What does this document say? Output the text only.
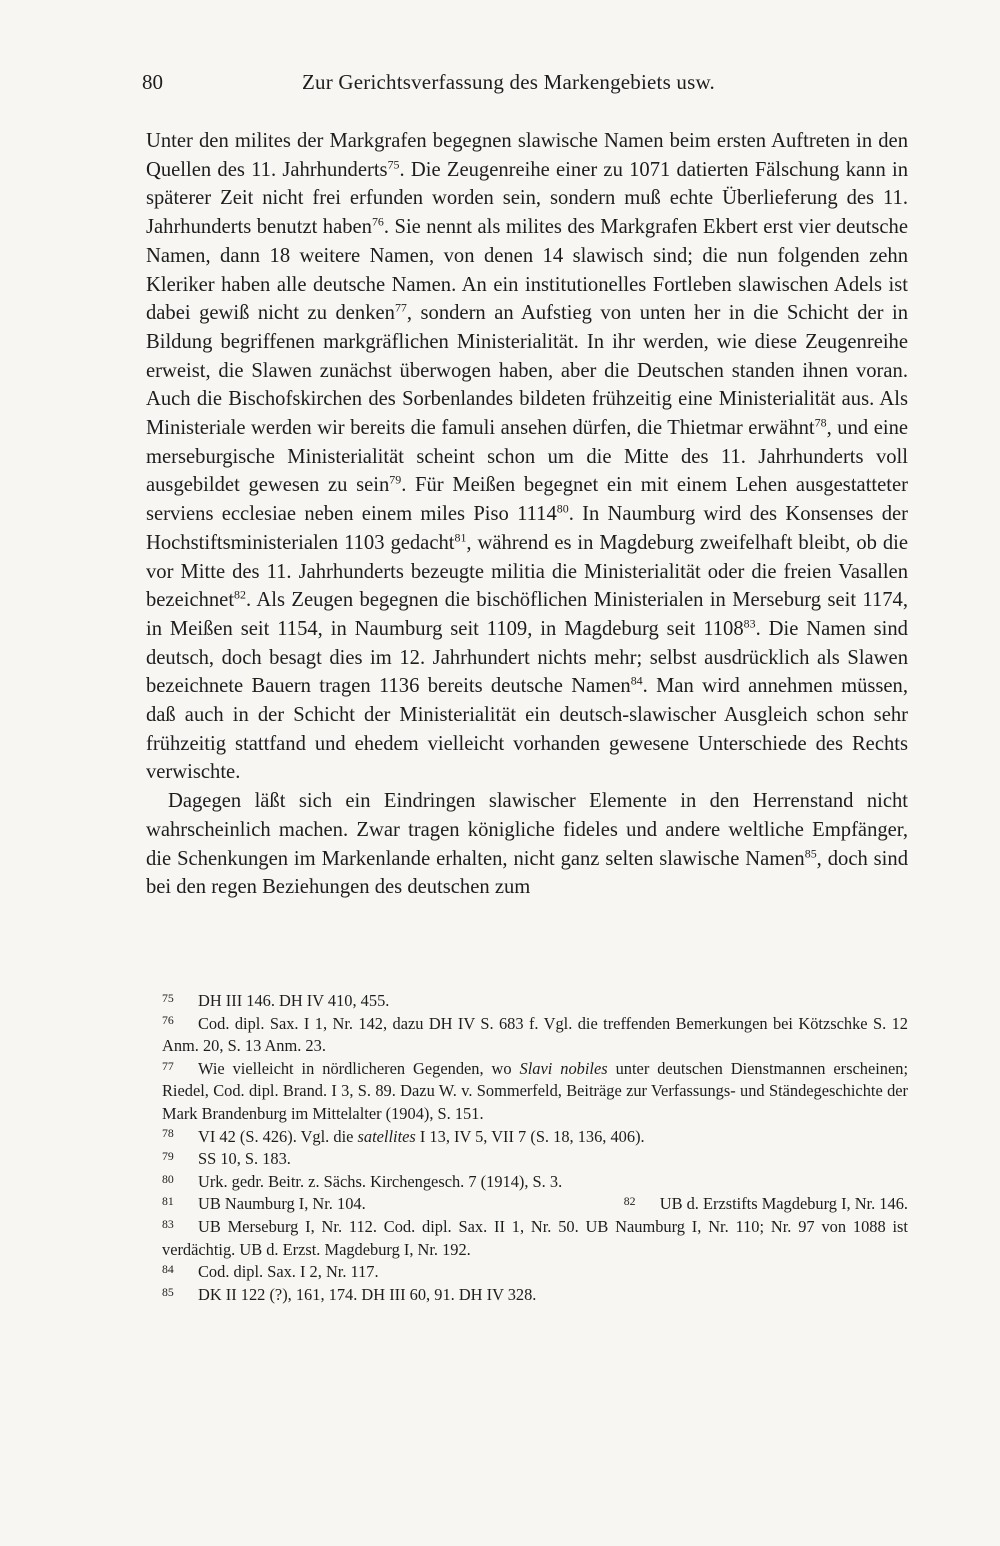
80	Zur Gerichtsverfassung des Markengebiets usw.

Unter den milites der Markgrafen begegnen slawische Namen beim ersten Auftreten in den Quellen des 11. Jahrhunderts$^{75}$. Die Zeugenreihe einer zu 1071 datierten Fälschung kann in späterer Zeit nicht frei erfunden worden sein, sondern muß echte Überlieferung des 11. Jahrhunderts benutzt haben$^{76}$. Sie nennt als milites des Markgrafen Ekbert erst vier deutsche Namen, dann 18 weitere Namen, von denen 14 slawisch sind; die nun folgenden zehn Kleriker haben alle deutsche Namen. An ein institutionelles Fortleben slawischen Adels ist dabei gewiß nicht zu denken$^{77}$, sondern an Aufstieg von unten her in die Schicht der in Bildung begriffenen markgräflichen Ministerialität. In ihr werden, wie diese Zeugenreihe erweist, die Slawen zunächst überwogen haben, aber die Deutschen standen ihnen voran. Auch die Bischofskirchen des Sorbenlandes bildeten frühzeitig eine Ministerialität aus. Als Ministeriale werden wir bereits die famuli ansehen dürfen, die Thietmar erwähnt$^{78}$, und eine merseburgische Ministerialität scheint schon um die Mitte des 11. Jahrhunderts voll ausgebildet gewesen zu sein$^{79}$. Für Meißen begegnet ein mit einem Lehen ausgestatteter serviens ecclesiae neben einem miles Piso 1114$^{80}$. In Naumburg wird des Konsenses der Hochstiftsministerialen 1103 gedacht$^{81}$, während es in Magdeburg zweifelhaft bleibt, ob die vor Mitte des 11. Jahrhunderts bezeugte militia die Ministerialität oder die freien Vasallen bezeichnet$^{82}$. Als Zeugen begegnen die bischöflichen Ministerialen in Merseburg seit 1174, in Meißen seit 1154, in Naumburg seit 1109, in Magdeburg seit 1108$^{83}$. Die Namen sind deutsch, doch besagt dies im 12. Jahrhundert nichts mehr; selbst ausdrücklich als Slawen bezeichnete Bauern tragen 1136 bereits deutsche Namen$^{84}$. Man wird annehmen müssen, daß auch in der Schicht der Ministerialität ein deutsch-slawischer Ausgleich schon sehr frühzeitig stattfand und ehedem vielleicht vorhanden gewesene Unterschiede des Rechts verwischte.

Dagegen läßt sich ein Eindringen slawischer Elemente in den Herrenstand nicht wahrscheinlich machen. Zwar tragen königliche fideles und andere weltliche Empfänger, die Schenkungen im Markenlande erhalten, nicht ganz selten slawische Namen$^{85}$, doch sind bei den regen Beziehungen des deutschen zum

75 DH III 146. DH IV 410, 455.

76 Cod. dipl. Sax. I 1, Nr. 142, dazu DH IV S. 683 f. Vgl. die treffenden Bemerkungen bei Kötzschke S. 12 Anm. 20, S. 13 Anm. 23.

77 Wie vielleicht in nördlicheren Gegenden, wo Slavi nobiles unter deutschen Dienstmannen erscheinen; Riedel, Cod. dipl. Brand. I 3, S. 89. Dazu W. v. Sommerfeld, Beiträge zur Verfassungs- und Ständegeschichte der Mark Brandenburg im Mittelalter (1904), S. 151.

78 VI 42 (S. 426). Vgl. die satellites I 13, IV 5, VII 7 (S. 18, 136, 406).

79 SS 10, S. 183.

80 Urk. gedr. Beitr. z. Sächs. Kirchengesch. 7 (1914), S. 3.

81 UB Naumburg I, Nr. 104.	82 UB d. Erzstifts Magdeburg I, Nr. 146.

83 UB Merseburg I, Nr. 112. Cod. dipl. Sax. II 1, Nr. 50. UB Naumburg I, Nr. 110; Nr. 97 von 1088 ist verdächtig. UB d. Erzst. Magdeburg I, Nr. 192.

84 Cod. dipl. Sax. I 2, Nr. 117.

85 DK II 122 (?), 161, 174. DH III 60, 91. DH IV 328.
